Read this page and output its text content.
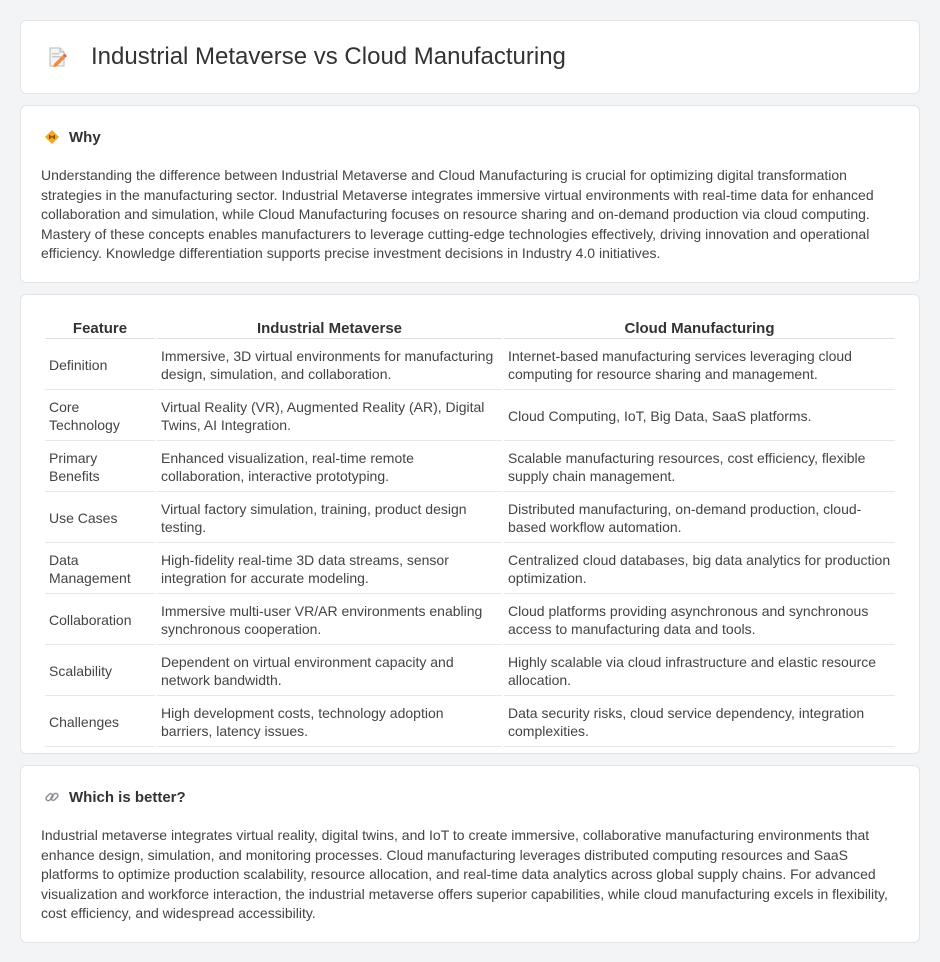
Industrial Metaverse vs Cloud Manufacturing
Why

Understanding the difference between Industrial Metaverse and Cloud Manufacturing is crucial for optimizing digital transformation strategies in the manufacturing sector. Industrial Metaverse integrates immersive virtual environments with real-time data for enhanced collaboration and simulation, while Cloud Manufacturing focuses on resource sharing and on-demand production via cloud computing. Mastery of these concepts enables manufacturers to leverage cutting-edge technologies effectively, driving innovation and operational efficiency. Knowledge differentiation supports precise investment decisions in Industry 4.0 initiatives.

Feature	Industrial Metaverse	Cloud Manufacturing
Definition	Immersive, 3D virtual environments for manufacturing design, simulation, and collaboration.	Internet-based manufacturing services leveraging cloud computing for resource sharing and management.
Core Technology	Virtual Reality (VR), Augmented Reality (AR), Digital Twins, AI Integration.	Cloud Computing, IoT, Big Data, SaaS platforms.
Primary Benefits	Enhanced visualization, real-time remote collaboration, interactive prototyping.	Scalable manufacturing resources, cost efficiency, flexible supply chain management.
Use Cases	Virtual factory simulation, training, product design testing.	Distributed manufacturing, on-demand production, cloud-based workflow automation.
Data Management	High-fidelity real-time 3D data streams, sensor integration for accurate modeling.	Centralized cloud databases, big data analytics for production optimization.
Collaboration	Immersive multi-user VR/AR environments enabling synchronous cooperation.	Cloud platforms providing asynchronous and synchronous access to manufacturing data and tools.
Scalability	Dependent on virtual environment capacity and network bandwidth.	Highly scalable via cloud infrastructure and elastic resource allocation.
Challenges	High development costs, technology adoption barriers, latency issues.	Data security risks, cloud service dependency, integration complexities.
Which is better?

Industrial metaverse integrates virtual reality, digital twins, and IoT to create immersive, collaborative manufacturing environments that enhance design, simulation, and monitoring processes. Cloud manufacturing leverages distributed computing resources and SaaS platforms to optimize production scalability, resource allocation, and real-time data analytics across global supply chains. For advanced visualization and workforce interaction, the industrial metaverse offers superior capabilities, while cloud manufacturing excels in flexibility, cost efficiency, and widespread accessibility.
